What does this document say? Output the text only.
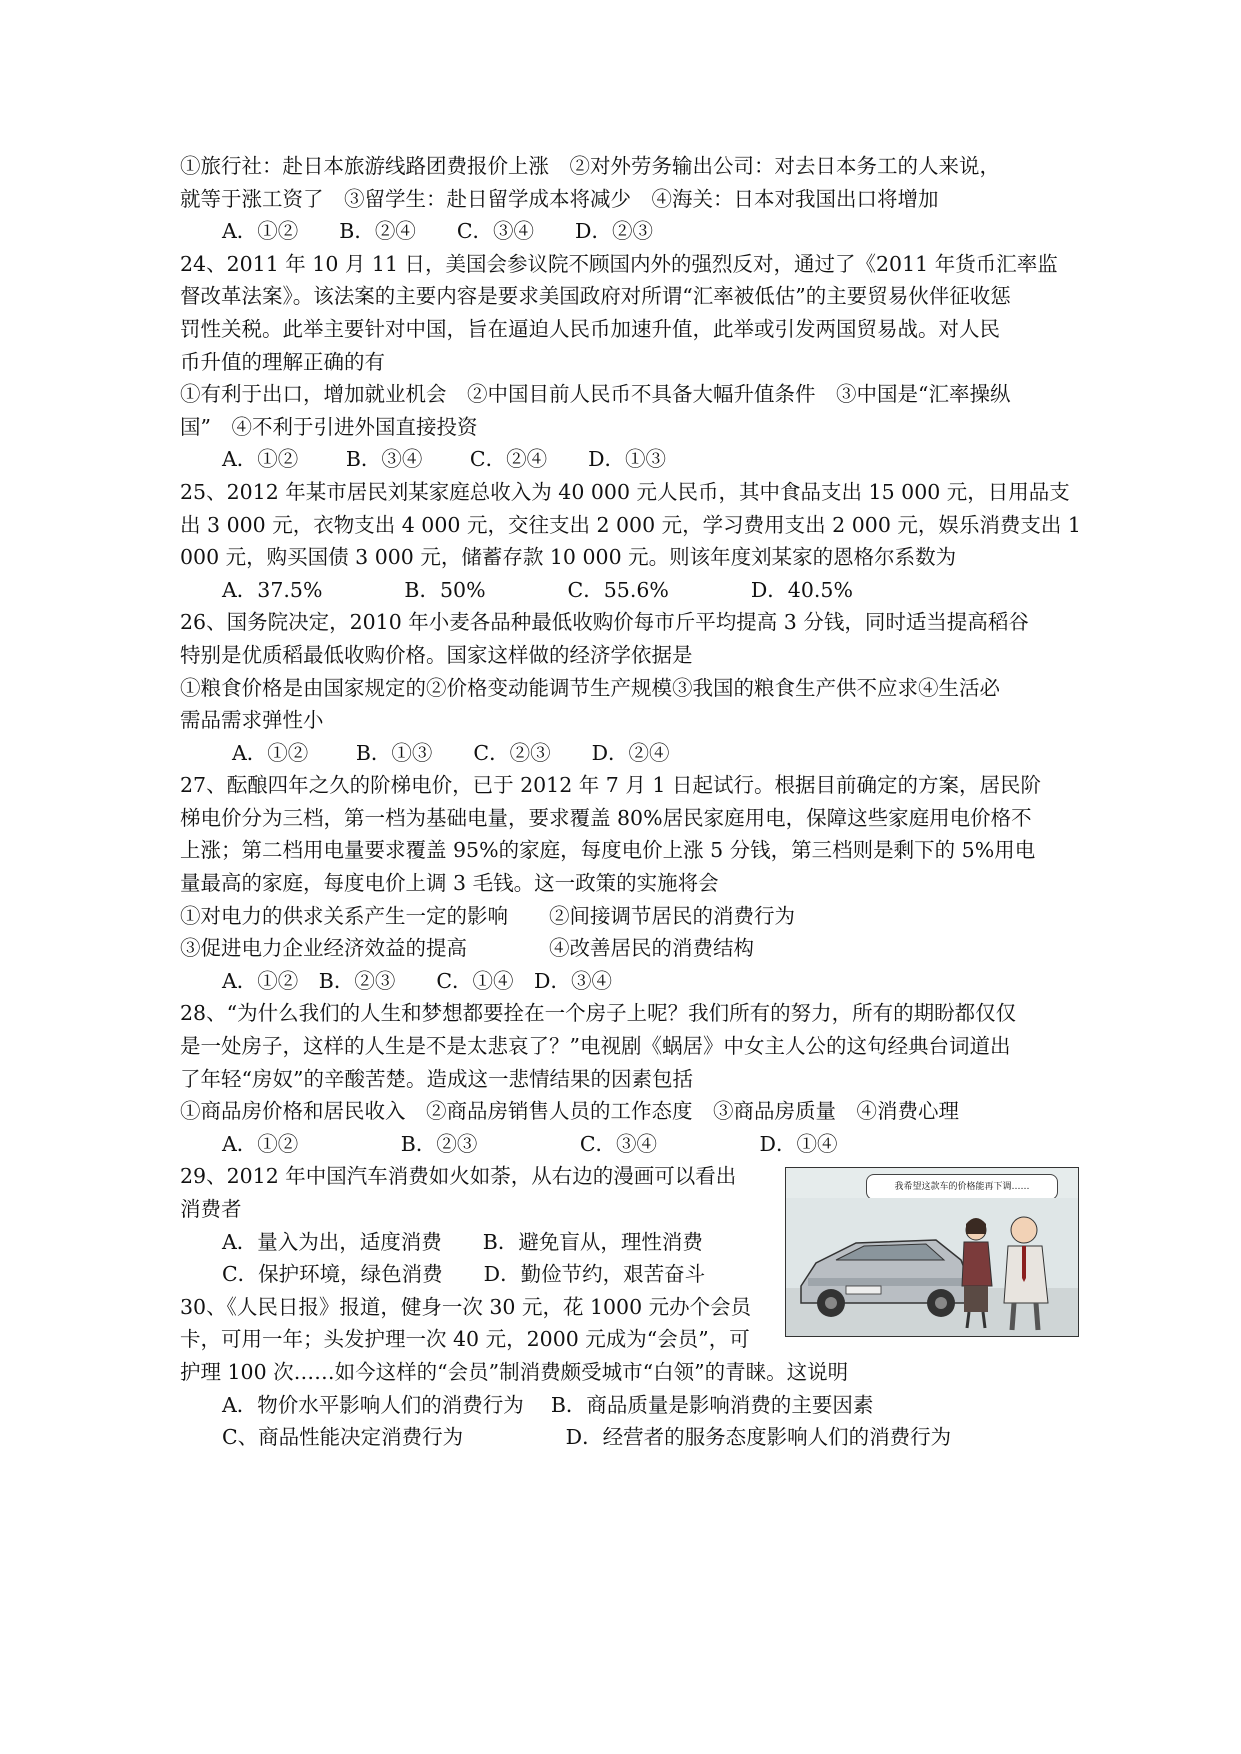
①旅行社：赴日本旅游线路团费报价上涨　②对外劳务输出公司：对去日本务工的人来说，
就等于涨工资了　③留学生：赴日留学成本将减少　④海关：日本对我国出口将增加
A．①②　　B．②④　　C．③④　　D．②③
24、2011 年 10 月 11 日，美国会参议院不顾国内外的强烈反对，通过了《2011 年货币汇率监
督改革法案》。该法案的主要内容是要求美国政府对所谓“汇率被低估”的主要贸易伙伴征收惩
罚性关税。此举主要针对中国，旨在逼迫人民币加速升值，此举或引发两国贸易战。对人民
币升值的理解正确的有
①有利于出口，增加就业机会　②中国目前人民币不具备大幅升值条件　③中国是“汇率操纵
国”　④不利于引进外国直接投资
A．①②　　 B．③④　　 C．②④　　D．①③
25、2012 年某市居民刘某家庭总收入为 40 000 元人民币，其中食品支出 15 000 元，日用品支
出 3 000 元，衣物支出 4 000 元，交往支出 2 000 元，学习费用支出 2 000 元，娱乐消费支出 1
000 元，购买国债 3 000 元，储蓄存款 10 000 元。则该年度刘某家的恩格尔系数为
A．37.5%　　　　B．50%　　　　C．55.6%　　　　D．40.5%
26、国务院决定，2010 年小麦各品种最低收购价每市斤平均提高 3 分钱，同时适当提高稻谷
特别是优质稻最低收购价格。国家这样做的经济学依据是
①粮食价格是由国家规定的②价格变动能调节生产规模③我国的粮食生产供不应求④生活必
需品需求弹性小
A．①②　　 B．①③　　C．②③　　D．②④
27、酝酿四年之久的阶梯电价，已于 2012 年 7 月 1 日起试行。根据目前确定的方案，居民阶
梯电价分为三档，第一档为基础电量，要求覆盖 80%居民家庭用电，保障这些家庭用电价格不
上涨；第二档用电量要求覆盖 95%的家庭，每度电价上涨 5 分钱，第三档则是剩下的 5%用电
量最高的家庭，每度电价上调 3 毛钱。这一政策的实施将会
①对电力的供求关系产生一定的影响　　②间接调节居民的消费行为
③促进电力企业经济效益的提高　　　　④改善居民的消费结构
A．①②　B．②③　　C．①④　D．③④
28、“为什么我们的人生和梦想都要拴在一个房子上呢？我们所有的努力，所有的期盼都仅仅
是一处房子，这样的人生是不是太悲哀了？”电视剧《蜗居》中女主人公的这句经典台词道出
了年轻“房奴”的辛酸苦楚。造成这一悲情结果的因素包括
①商品房价格和居民收入　②商品房销售人员的工作态度　③商品房质量　④消费心理
A．①②　　　　　B．②③　　　　　C．③④　　　　　D．①④
29、2012 年中国汽车消费如火如荼，从右边的漫画可以看出
消费者
A．量入为出，适度消费　　B．避免盲从，理性消费
C．保护环境，绿色消费　　D．勤俭节约，艰苦奋斗
30、《人民日报》报道，健身一次 30 元，花 1000 元办个会员
卡，可用一年；头发护理一次 40 元，2000 元成为“会员”，可
护理 100 次……如今这样的“会员”制消费颇受城市“白领”的青睐。这说明
A．物价水平影响人们的消费行为　 B．商品质量是影响消费的主要因素
C、商品性能决定消费行为　　　　　D．经营者的服务态度影响人们的消费行为
我希望这款车的价格能再下调……
